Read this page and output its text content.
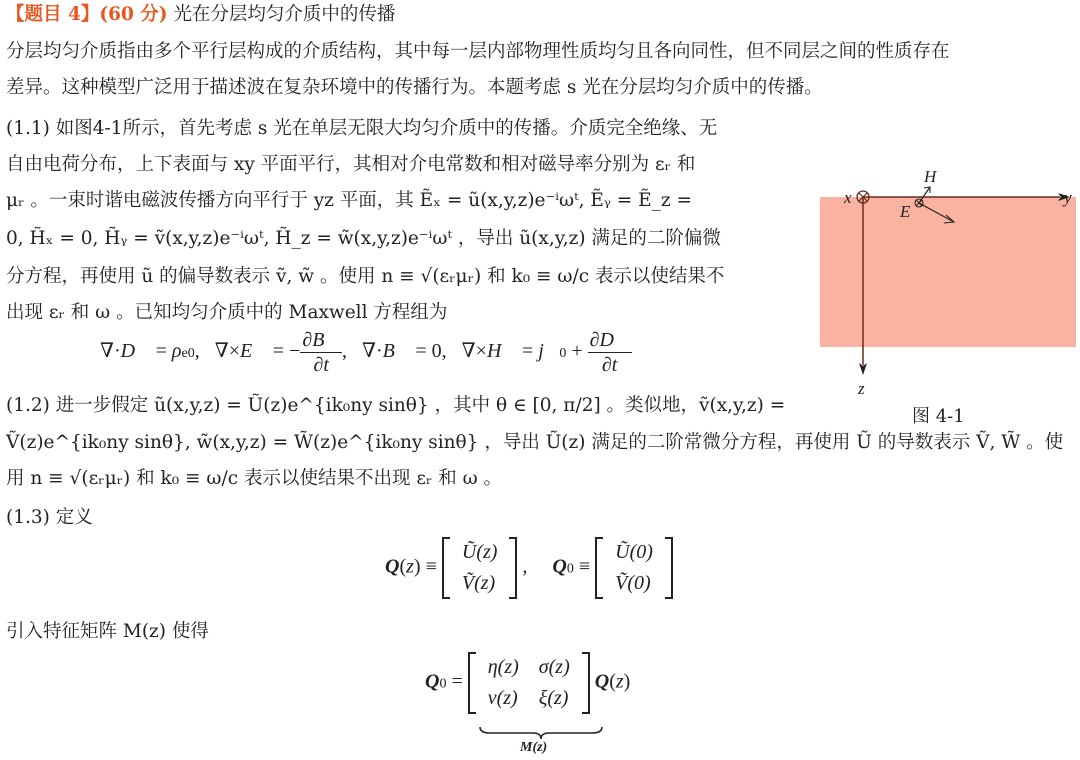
【题目 4】(60 分) 光在分层均匀介质中的传播
分层均匀介质指由多个平行层构成的介质结构，其中每一层内部物理性质均匀且各向同性，但不同层之间的性质存在
差异。这种模型广泛用于描述波在复杂环境中的传播行为。本题考虑 s 光在分层均匀介质中的传播。
(1.1) 如图4-1所示，首先考虑 s 光在单层无限大均匀介质中的传播。介质完全绝缘、无
自由电荷分布，上下表面与 xy 平面平行，其相对介电常数和相对磁导率分别为 εᵣ 和
μᵣ 。一束时谐电磁波传播方向平行于 yz 平面，其 Ẽₓ = ũ(x,y,z)e⁻ⁱωᵗ, Ẽᵧ = Ẽ_z =
0, H̃ₓ = 0, H̃ᵧ = ṽ(x,y,z)e⁻ⁱωᵗ, H̃_z = w̃(x,y,z)e⁻ⁱωᵗ ，导出 ũ(x,y,z) 满足的二阶偏微
分方程，再使用 ũ 的偏导数表示 ṽ, w̃ 。使用 n ≡ √(εᵣμᵣ) 和 k₀ ≡ ω/c 表示以使结果不
出现 εᵣ 和 ω 。已知均匀介质中的 Maxwell 方程组为
∇·D⃗ = ρe0,   ∇×E⃗ = − $\frac{\partial B⃗}{\partial t}$ ,   ∇·B⃗ = 0,   ∇×H⃗ = j⃗0 + $\frac{\partial D⃗}{\partial t}$
(1.2) 进一步假定 ũ(x,y,z) = Ũ(z)e^{ik₀ny sinθ} ，其中 θ ∈ [0, π/2] 。类似地，ṽ(x,y,z) =
Ṽ(z)e^{ik₀ny sinθ}, w̃(x,y,z) = W̃(z)e^{ik₀ny sinθ} ，导出 Ũ(z) 满足的二阶常微分方程，再使用 Ũ 的导数表示 Ṽ, W̃ 。使
用 n ≡ √(εᵣμᵣ) 和 k₀ ≡ ω/c 表示以使结果不出现 εᵣ 和 ω 。
(1.3) 定义
Q(z) ≡
Ũ(z)
Ṽ(z)
,     Q0 ≡
Ũ(0)
Ṽ(0)
引入特征矩阵 M(z) 使得
Q0 =
η(z)	σ(z)
ν(z)	ξ(z)
Q(z)
M(z)
x	y
z
H
E
图 4-1
